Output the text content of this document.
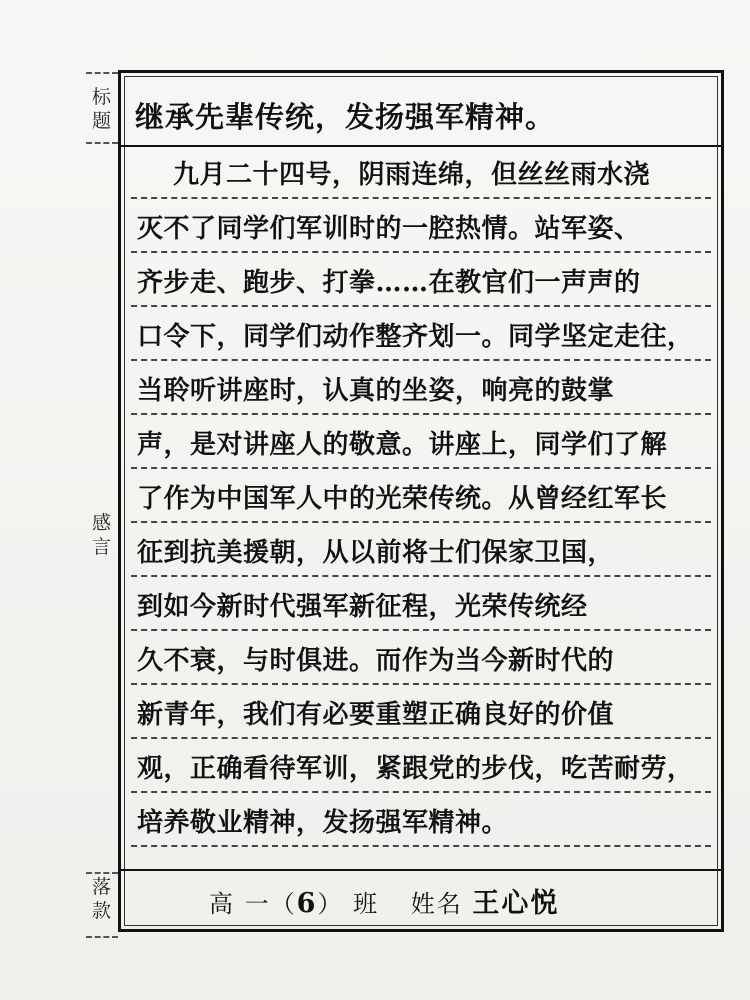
标题
感言
落款
继承先辈传统，发扬强军精神。
九月二十四号，阴雨连绵，但丝丝雨水浇
灭不了同学们军训时的一腔热情。站军姿、
齐步走、跑步、打拳……在教官们一声声的
口令下，同学们动作整齐划一。同学坚定走往，
当聆听讲座时，认真的坐姿，响亮的鼓掌
声，是对讲座人的敬意。讲座上，同学们了解
了作为中国军人中的光荣传统。从曾经红军长
征到抗美援朝，从以前将士们保家卫国，
到如今新时代强军新征程，光荣传统经
久不衰，与时俱进。而作为当今新时代的
新青年，我们有必要重塑正确良好的价值
观，正确看待军训，紧跟党的步伐，吃苦耐劳，
培养敬业精神，发扬强军精神。
高 一（6） 班 姓名 王心悦
